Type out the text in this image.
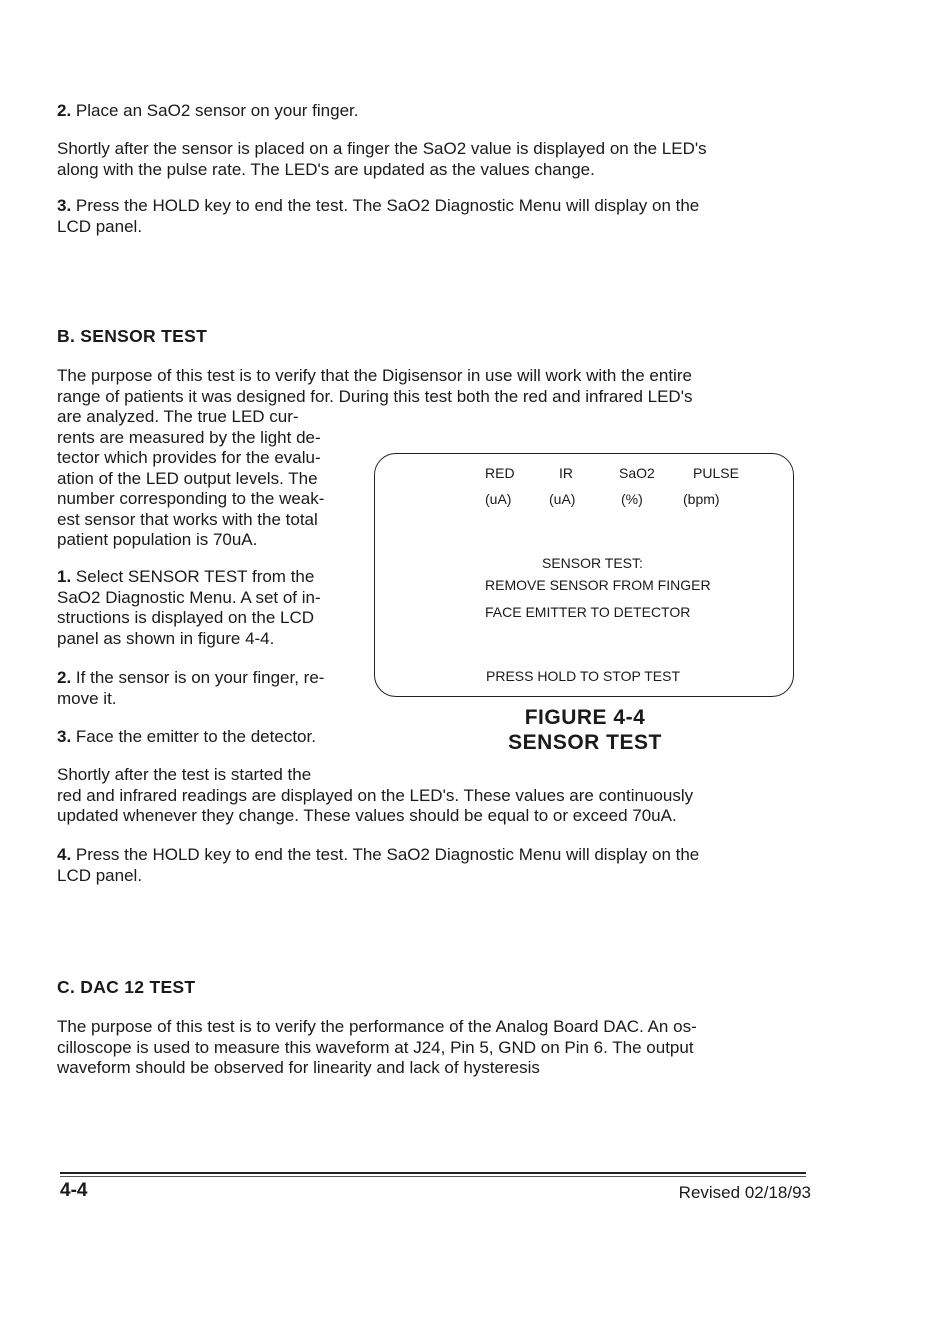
2. Place an SaO2 sensor on your finger.
Shortly after the sensor is placed on a finger the SaO2 value is displayed on the LED's
along with the pulse rate. The LED's are updated as the values change.
3. Press the HOLD key to end the test. The SaO2 Diagnostic Menu will display on the
LCD panel.
B. SENSOR TEST
The purpose of this test is to verify that the Digisensor in use will work with the entire
range of patients it was designed for. During this test both the red and infrared LED's
are analyzed. The true LED cur-
rents are measured by the light de-
tector which provides for the evalu-
ation of the LED output levels. The
number corresponding to the weak-
est sensor that works with the total
patient population is 70uA.
1. Select SENSOR TEST from the
SaO2 Diagnostic Menu. A set of in-
structions is displayed on the LCD
panel as shown in figure 4-4.
2. If the sensor is on your finger, re-
move it.
3. Face the emitter to the detector.
Shortly after the test is started the
red and infrared readings are displayed on the LED's. These values are continuously
updated whenever they change. These values should be equal to or exceed 70uA.
4. Press the HOLD key to end the test. The SaO2 Diagnostic Menu will display on the
LCD panel.
RED	IR	SaO2	PULSE
(uA)	(uA)	(%)	(bpm)
SENSOR TEST:
REMOVE SENSOR FROM FINGER
FACE EMITTER TO DETECTOR
PRESS HOLD TO STOP TEST
FIGURE 4-4
SENSOR TEST
C. DAC 12 TEST
The purpose of this test is to verify the performance of the Analog Board DAC. An os-
cilloscope is used to measure this waveform at J24, Pin 5, GND on Pin 6. The output
waveform should be observed for linearity and lack of hysteresis
4-4	Revised 02/18/93
